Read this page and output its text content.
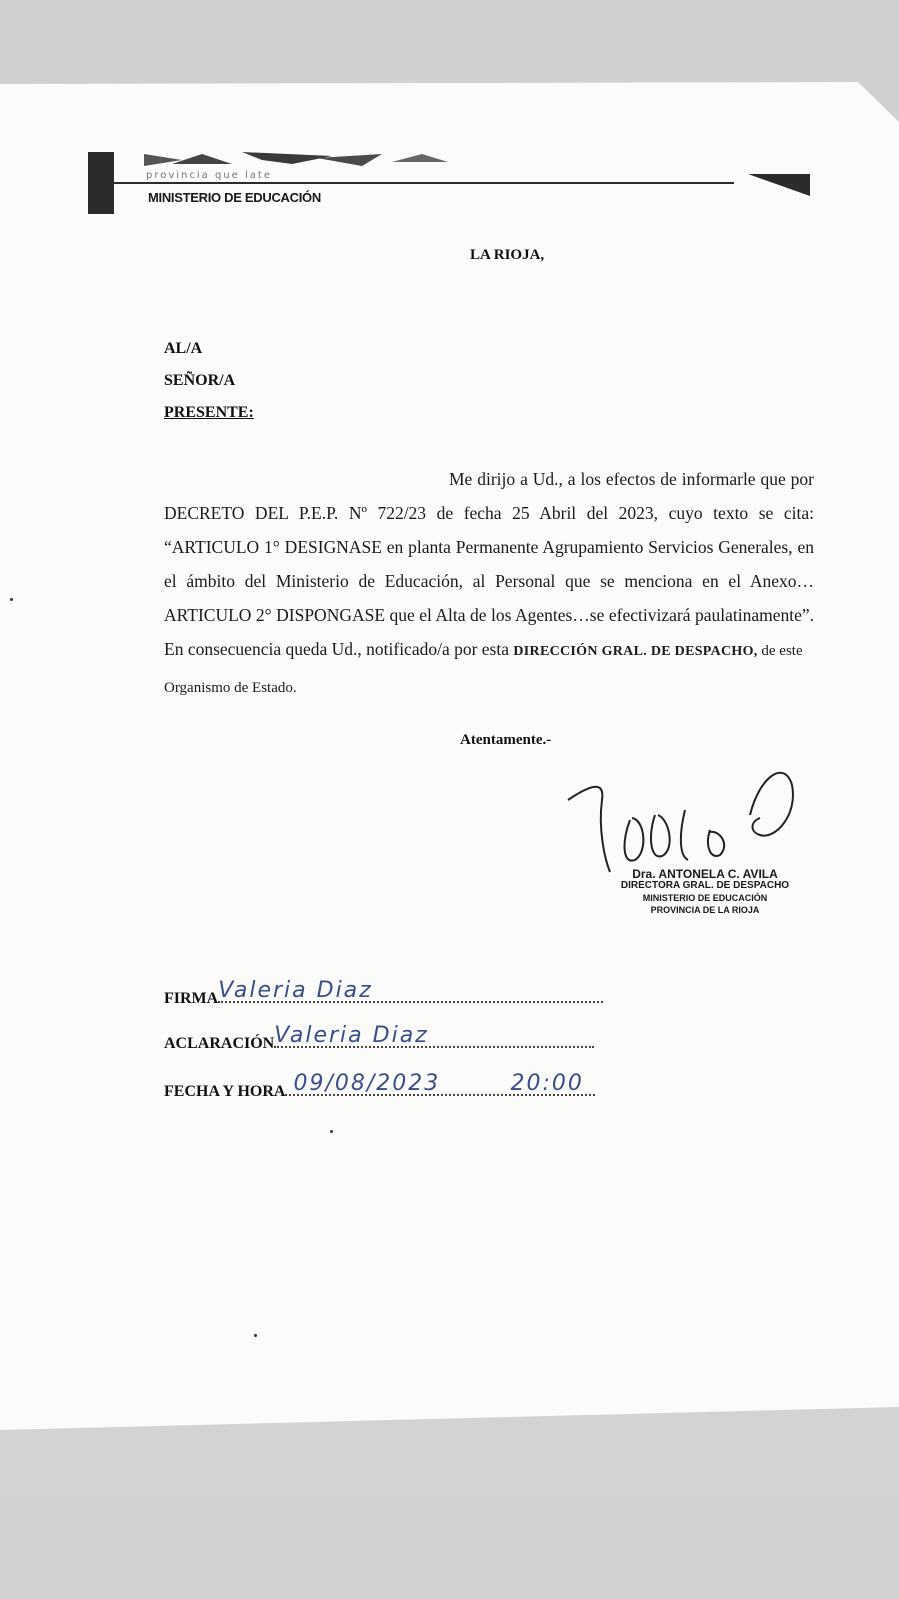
provincia que late
MINISTERIO DE EDUCACIÓN
LA RIOJA,
AL/A
SEÑOR/A
PRESENTE:
Me dirijo a Ud., a los efectos de informarle que por DECRETO DEL P.E.P. Nº 722/23 de fecha 25 Abril del 2023, cuyo texto se cita: “ARTICULO 1° DESIGNASE en planta Permanente Agrupamiento Servicios Generales, en el ámbito del Ministerio de Educación, al Personal que se menciona en el Anexo…ARTICULO 2° DISPONGASE que el Alta de los Agentes…se efectivizará paulatinamente”. En consecuencia queda Ud., notificado/a por esta DIRECCIÓN GRAL. DE DESPACHO, de este
Organismo de Estado.
Atentamente.-
Dra. ANTONELA C. AVILA
DIRECTORA GRAL. DE DESPACHO
MINISTERIO DE EDUCACIÓN
PROVINCIA DE LA RIOJA
FIRMA Valeria Diaz
ACLARACIÓN Valeria Diaz
FECHA Y HORA 09/08/2023	20:00
